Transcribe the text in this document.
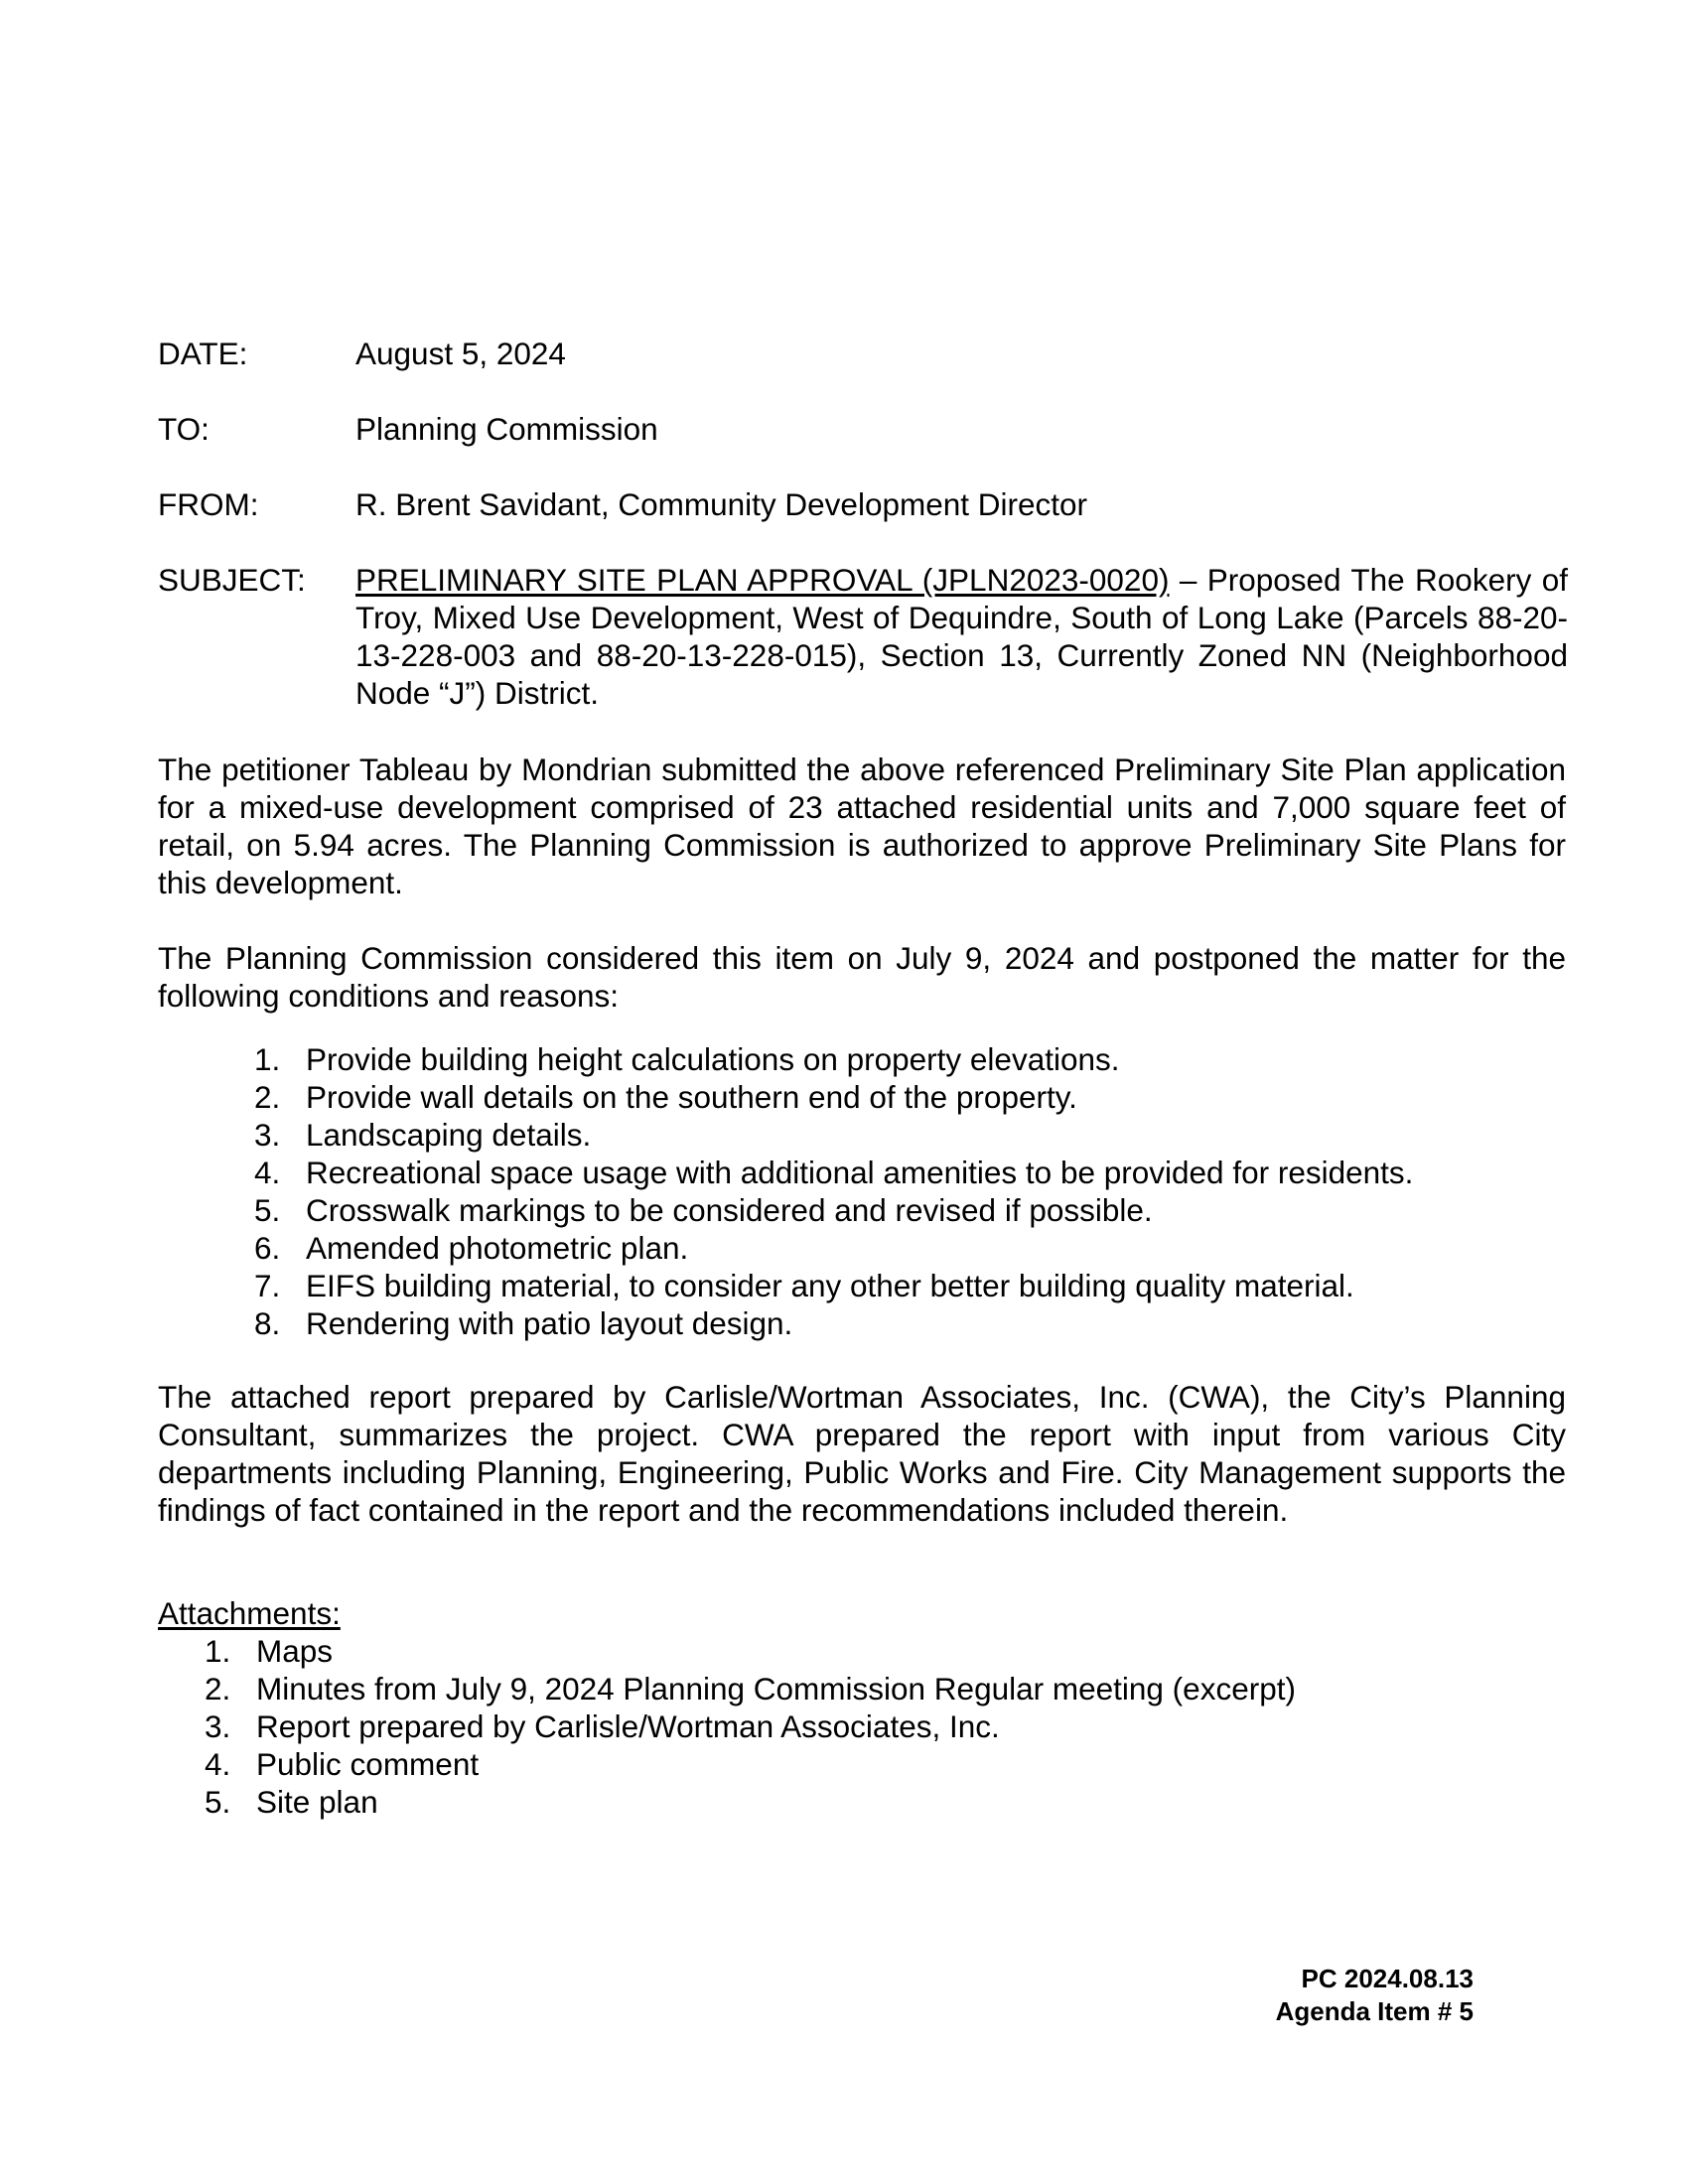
DATE:	August 5, 2024
TO:	Planning Commission
FROM:	R. Brent Savidant, Community Development Director
SUBJECT:	PRELIMINARY SITE PLAN APPROVAL (JPLN2023-0020) – Proposed The Rookery of Troy, Mixed Use Development, West of Dequindre, South of Long Lake (Parcels 88-20-13-228-003 and 88-20-13-228-015), Section 13, Currently Zoned NN (Neighborhood Node “J”) District.
The petitioner Tableau by Mondrian submitted the above referenced Preliminary Site Plan application for a mixed-use development comprised of 23 attached residential units and 7,000 square feet of retail, on 5.94 acres. The Planning Commission is authorized to approve Preliminary Site Plans for this development.
The Planning Commission considered this item on July 9, 2024 and postponed the matter for the following conditions and reasons:
1. Provide building height calculations on property elevations.
2. Provide wall details on the southern end of the property.
3. Landscaping details.
4. Recreational space usage with additional amenities to be provided for residents.
5. Crosswalk markings to be considered and revised if possible.
6. Amended photometric plan.
7. EIFS building material, to consider any other better building quality material.
8. Rendering with patio layout design.
The attached report prepared by Carlisle/Wortman Associates, Inc. (CWA), the City’s Planning Consultant, summarizes the project. CWA prepared the report with input from various City departments including Planning, Engineering, Public Works and Fire. City Management supports the findings of fact contained in the report and the recommendations included therein.
Attachments:
1. Maps
2. Minutes from July 9, 2024 Planning Commission Regular meeting (excerpt)
3. Report prepared by Carlisle/Wortman Associates, Inc.
4. Public comment
5. Site plan
PC 2024.08.13
Agenda Item # 5
